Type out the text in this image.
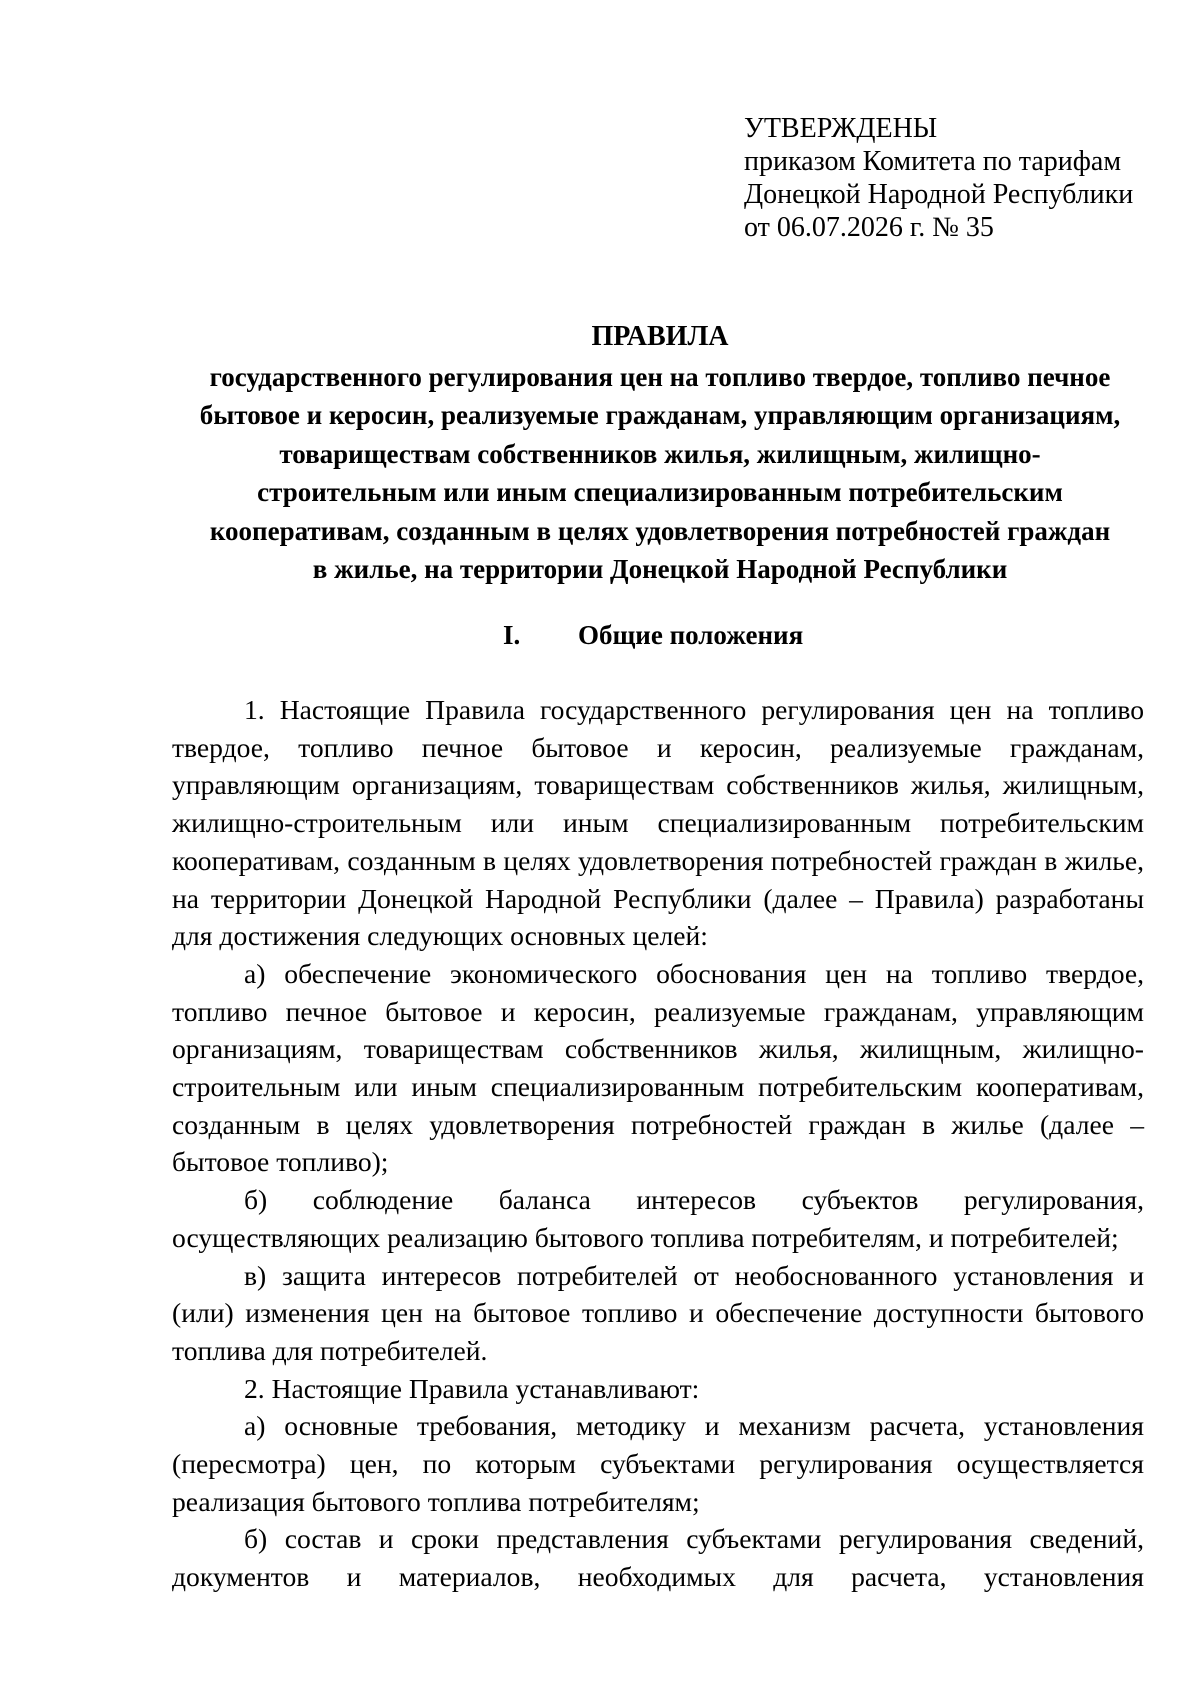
УТВЕРЖДЕНЫ
приказом Комитета по тарифам
Донецкой Народной Республики
от 06.07.2026 г. № 35
ПРАВИЛА
государственного регулирования цен на топливо твердое, топливо печное
бытовое и керосин, реализуемые гражданам, управляющим организациям,
товариществам собственников жилья, жилищным, жилищно-
строительным или иным специализированным потребительским
кооперативам, созданным в целях удовлетворения потребностей граждан
в жилье, на территории Донецкой Народной Республики
I. Общие положения

1. Настоящие Правила государственного регулирования цен на топливо твердое, топливо печное бытовое и керосин, реализуемые гражданам, управляющим организациям, товариществам собственников жилья, жилищным, жилищно-строительным или иным специализированным потребительским кооперативам, созданным в целях удовлетворения потребностей граждан в жилье, на территории Донецкой Народной Республики (далее – Правила) разработаны для достижения следующих основных целей:

а) обеспечение экономического обоснования цен на топливо твердое, топливо печное бытовое и керосин, реализуемые гражданам, управляющим организациям, товариществам собственников жилья, жилищным, жилищно-строительным или иным специализированным потребительским кооперативам, созданным в целях удовлетворения потребностей граждан в жилье (далее – бытовое топливо);

б) соблюдение баланса интересов субъектов регулирования, осуществляющих реализацию бытового топлива потребителям, и потребителей;

в) защита интересов потребителей от необоснованного установления и (или) изменения цен на бытовое топливо и обеспечение доступности бытового топлива для потребителей.

2. Настоящие Правила устанавливают:

а) основные требования, методику и механизм расчета, установления (пересмотра) цен, по которым субъектами регулирования осуществляется реализация бытового топлива потребителям;

б) состав и сроки представления субъектами регулирования сведений, документов и материалов, необходимых для расчета, установления
